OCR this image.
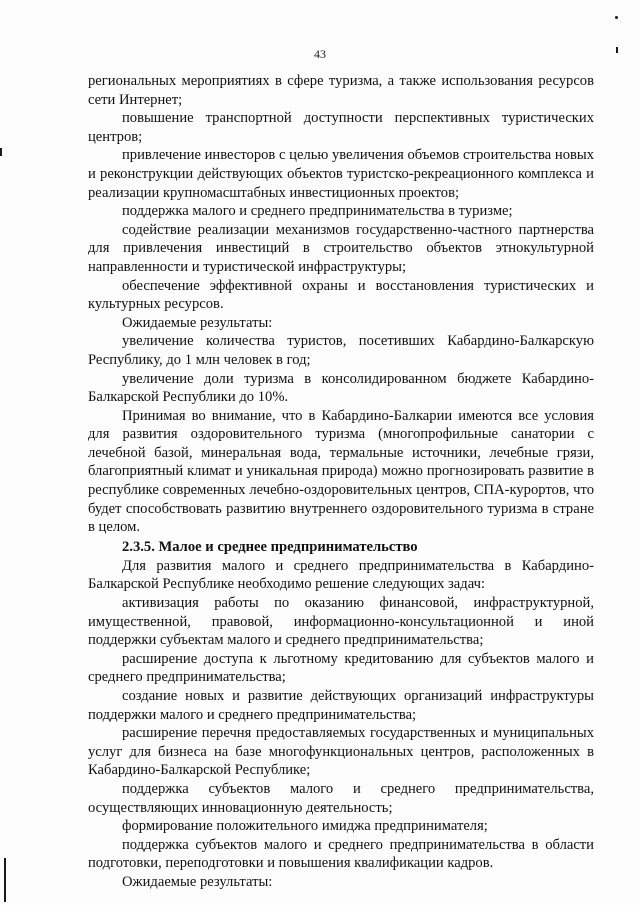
43

региональных мероприятиях в сфере туризма, а также использования ресурсов сети Интернет;

повышение транспортной доступности перспективных туристических центров;

привлечение инвесторов с целью увеличения объемов строительства новых и реконструкции действующих объектов туристско-рекреационного комплекса и реализации крупномасштабных инвестиционных проектов;

поддержка малого и среднего предпринимательства в туризме;

содействие реализации механизмов государственно-частного партнерства для привлечения инвестиций в строительство объектов этнокультурной направленности и туристической инфраструктуры;

обеспечение эффективной охраны и восстановления туристических и культурных ресурсов.

Ожидаемые результаты:

увеличение количества туристов, посетивших Кабардино-Балкарскую Республику, до 1 млн человек в год;

увеличение доли туризма в консолидированном бюджете Кабардино-Балкарской Республики до 10%.

Принимая во внимание, что в Кабардино-Балкарии имеются все условия для развития оздоровительного туризма (многопрофильные санатории с лечебной базой, минеральная вода, термальные источники, лечебные грязи, благоприятный климат и уникальная природа) можно прогнозировать развитие в республике современных лечебно-оздоровительных центров, СПА-курортов, что будет способствовать развитию внутреннего оздоровительного туризма в стране в целом.

2.3.5. Малое и среднее предпринимательство

Для развития малого и среднего предпринимательства в Кабардино-Балкарской Республике необходимо решение следующих задач:

активизация работы по оказанию финансовой, инфраструктурной, имущественной, правовой, информационно-консультационной и иной поддержки субъектам малого и среднего предпринимательства;

расширение доступа к льготному кредитованию для субъектов малого и среднего предпринимательства;

создание новых и развитие действующих организаций инфраструктуры поддержки малого и среднего предпринимательства;

расширение перечня предоставляемых государственных и муниципальных услуг для бизнеса на базе многофункциональных центров, расположенных в Кабардино-Балкарской Республике;

поддержка субъектов малого и среднего предпринимательства, осуществляющих инновационную деятельность;

формирование положительного имиджа предпринимателя;

поддержка субъектов малого и среднего предпринимательства в области подготовки, переподготовки и повышения квалификации кадров.

Ожидаемые результаты:
